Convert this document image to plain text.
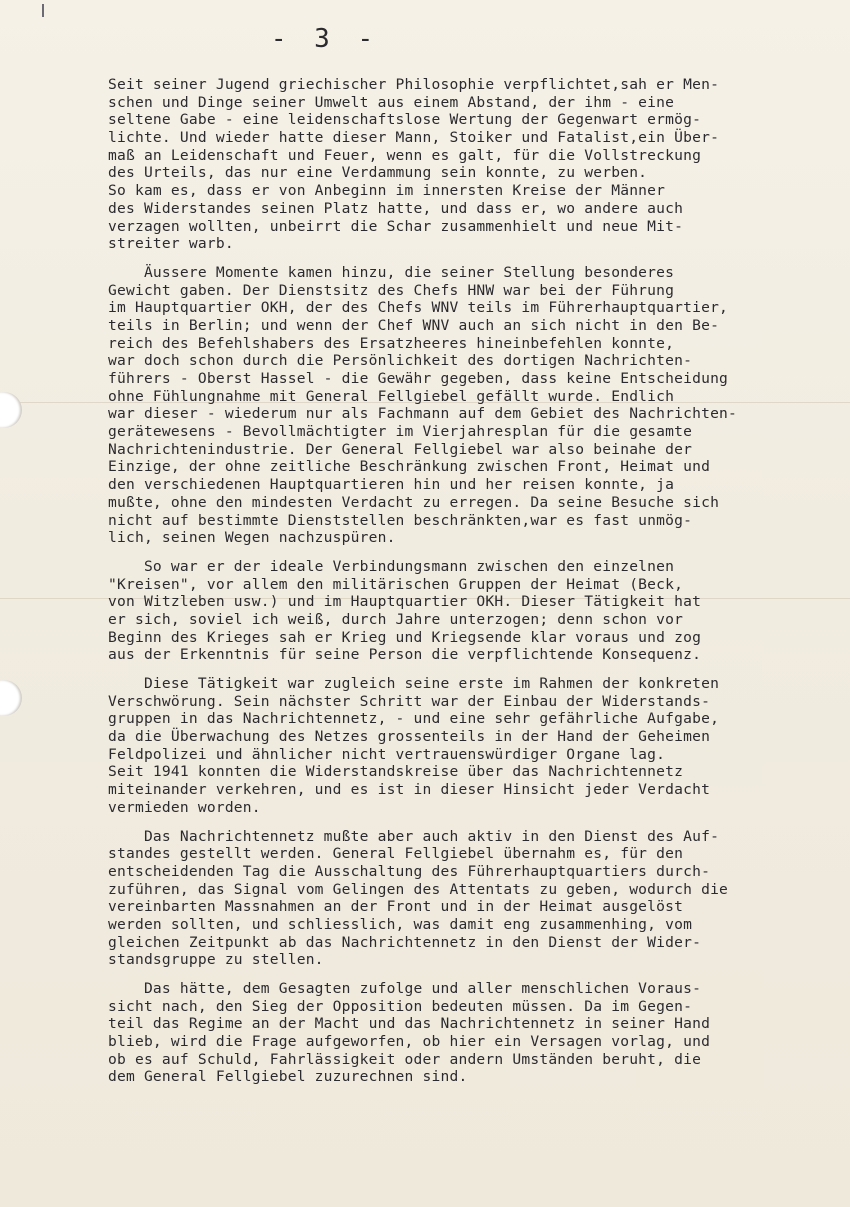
- 3 -
Seit seiner Jugend griechischer Philosophie verpflichtet,sah er Men-
schen und Dinge seiner Umwelt aus einem Abstand, der ihm - eine
seltene Gabe - eine leidenschaftslose Wertung der Gegenwart ermög-
lichte. Und wieder hatte dieser Mann, Stoiker und Fatalist,ein Über-
maß an Leidenschaft und Feuer, wenn es galt, für die Vollstreckung
des Urteils, das nur eine Verdammung sein konnte, zu werben.
So kam es, dass er von Anbeginn im innersten Kreise der Männer
des Widerstandes seinen Platz hatte, und dass er, wo andere auch
verzagen wollten, unbeirrt die Schar zusammenhielt und neue Mit-
streiter warb.
Äussere Momente kamen hinzu, die seiner Stellung besonderes
Gewicht gaben. Der Dienstsitz des Chefs HNW war bei der Führung
im Hauptquartier OKH, der des Chefs WNV teils im Führerhauptquartier,
teils in Berlin; und wenn der Chef WNV auch an sich nicht in den Be-
reich des Befehlshabers des Ersatzheeres hineinbefehlen konnte,
war doch schon durch die Persönlichkeit des dortigen Nachrichten-
führers - Oberst Hassel - die Gewähr gegeben, dass keine Entscheidung
ohne Fühlungnahme mit General Fellgiebel gefällt wurde. Endlich
war dieser - wiederum nur als Fachmann auf dem Gebiet des Nachrichten-
gerätewesens - Bevollmächtigter im Vierjahresplan für die gesamte
Nachrichtenindustrie. Der General Fellgiebel war also beinahe der
Einzige, der ohne zeitliche Beschränkung zwischen Front, Heimat und
den verschiedenen Hauptquartieren hin und her reisen konnte, ja
mußte, ohne den mindesten Verdacht zu erregen. Da seine Besuche sich
nicht auf bestimmte Dienststellen beschränkten,war es fast unmög-
lich, seinen Wegen nachzuspüren.
So war er der ideale Verbindungsmann zwischen den einzelnen
"Kreisen", vor allem den militärischen Gruppen der Heimat (Beck,
von Witzleben usw.) und im Hauptquartier OKH. Dieser Tätigkeit hat
er sich, soviel ich weiß, durch Jahre unterzogen; denn schon vor
Beginn des Krieges sah er Krieg und Kriegsende klar voraus und zog
aus der Erkenntnis für seine Person die verpflichtende Konsequenz.
Diese Tätigkeit war zugleich seine erste im Rahmen der konkreten
Verschwörung. Sein nächster Schritt war der Einbau der Widerstands-
gruppen in das Nachrichtennetz, - und eine sehr gefährliche Aufgabe,
da die Überwachung des Netzes grossenteils in der Hand der Geheimen
Feldpolizei und ähnlicher nicht vertrauenswürdiger Organe lag.
Seit 1941 konnten die Widerstandskreise über das Nachrichtennetz
miteinander verkehren, und es ist in dieser Hinsicht jeder Verdacht
vermieden worden.
Das Nachrichtennetz mußte aber auch aktiv in den Dienst des Auf-
standes gestellt werden. General Fellgiebel übernahm es, für den
entscheidenden Tag die Ausschaltung des Führerhauptquartiers durch-
zuführen, das Signal vom Gelingen des Attentats zu geben, wodurch die
vereinbarten Massnahmen an der Front und in der Heimat ausgelöst
werden sollten, und schliesslich, was damit eng zusammenhing, vom
gleichen Zeitpunkt ab das Nachrichtennetz in den Dienst der Wider-
standsgruppe zu stellen.
Das hätte, dem Gesagten zufolge und aller menschlichen Voraus-
sicht nach, den Sieg der Opposition bedeuten müssen. Da im Gegen-
teil das Regime an der Macht und das Nachrichtennetz in seiner Hand
blieb, wird die Frage aufgeworfen, ob hier ein Versagen vorlag, und
ob es auf Schuld, Fahrlässigkeit oder andern Umständen beruht, die
dem General Fellgiebel zuzurechnen sind.
